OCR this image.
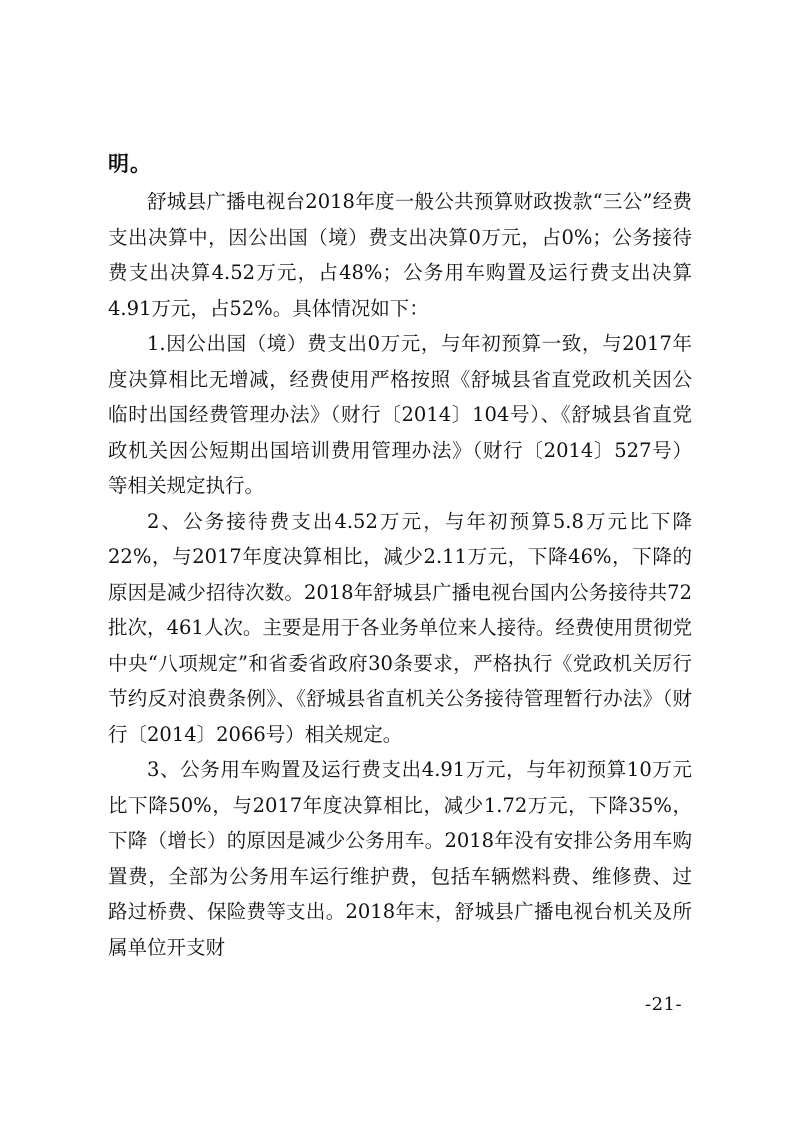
明。

舒城县广播电视台2018年度一般公共预算财政拨款“三公”经费支出决算中，因公出国（境）费支出决算0万元，占0%；公务接待费支出决算4.52万元，占48%；公务用车购置及运行费支出决算4.91万元，占52%。具体情况如下：

1.因公出国（境）费支出0万元，与年初预算一致，与2017年度决算相比无增减，经费使用严格按照《舒城县省直党政机关因公临时出国经费管理办法》（财行〔2014〕104号）、《舒城县省直党政机关因公短期出国培训费用管理办法》（财行〔2014〕527号）等相关规定执行。

2、公务接待费支出4.52万元，与年初预算5.8万元比下降22%，与2017年度决算相比，减少2.11万元，下降46%，下降的原因是减少招待次数。2018年舒城县广播电视台国内公务接待共72批次，461人次。主要是用于各业务单位来人接待。经费使用贯彻党中央“八项规定”和省委省政府30条要求，严格执行《党政机关厉行节约反对浪费条例》、《舒城县省直机关公务接待管理暂行办法》（财行〔2014〕2066号）相关规定。

3、公务用车购置及运行费支出4.91万元，与年初预算10万元比下降50%，与2017年度决算相比，减少1.72万元，下降35%，下降（增长）的原因是减少公务用车。2018年没有安排公务用车购置费，全部为公务用车运行维护费，包括车辆燃料费、维修费、过路过桥费、保险费等支出。2018年末，舒城县广播电视台机关及所属单位开支财

-21-
